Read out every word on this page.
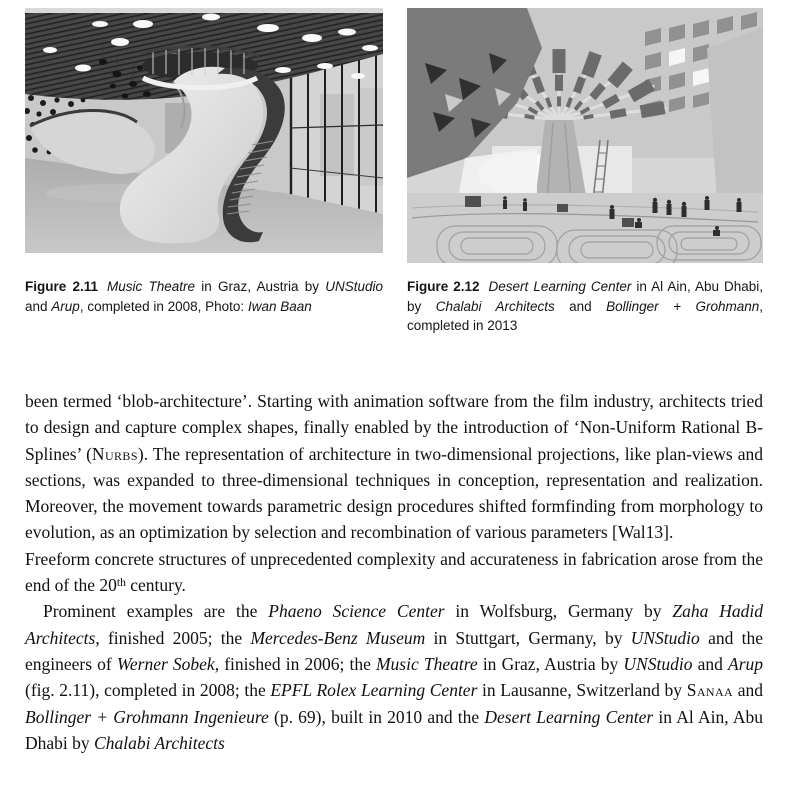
Figure 2.11 Music Theatre in Graz, Austria by UNStudio and Arup, completed in 2008, Photo: Iwan Baan
Figure 2.12 Desert Learning Center in Al Ain, Abu Dhabi, by Chalabi Architects and Bollinger + Grohmann, completed in 2013

been termed ‘blob-architecture’. Starting with animation software from the film industry, architects tried to design and capture complex shapes, finally enabled by the introduction of ‘Non-Uniform Rational B-Splines’ (Nurbs). The representation of architecture in two-dimensional projections, like plan-views and sections, was expanded to three-dimensional techniques in conception, representation and realization. Moreover, the movement towards parametric design procedures shifted formfinding from morphology to evolution, as an optimization by selection and recombination of various parameters [Wal13].

Freeform concrete structures of unprecedented complexity and accurateness in fabrication arose from the end of the 20th century.

Prominent examples are the Phaeno Science Center in Wolfsburg, Germany by Zaha Hadid Architects, finished 2005; the Mercedes-Benz Museum in Stuttgart, Germany, by UNStudio and the engineers of Werner Sobek, finished in 2006; the Music Theatre in Graz, Austria by UNStudio and Arup (fig. 2.11), completed in 2008; the EPFL Rolex Learning Center in Lausanne, Switzerland by Sanaa and Bollinger + Grohmann Ingenieure (p. 69), built in 2010 and the Desert Learning Center in Al Ain, Abu Dhabi by Chalabi Architects
